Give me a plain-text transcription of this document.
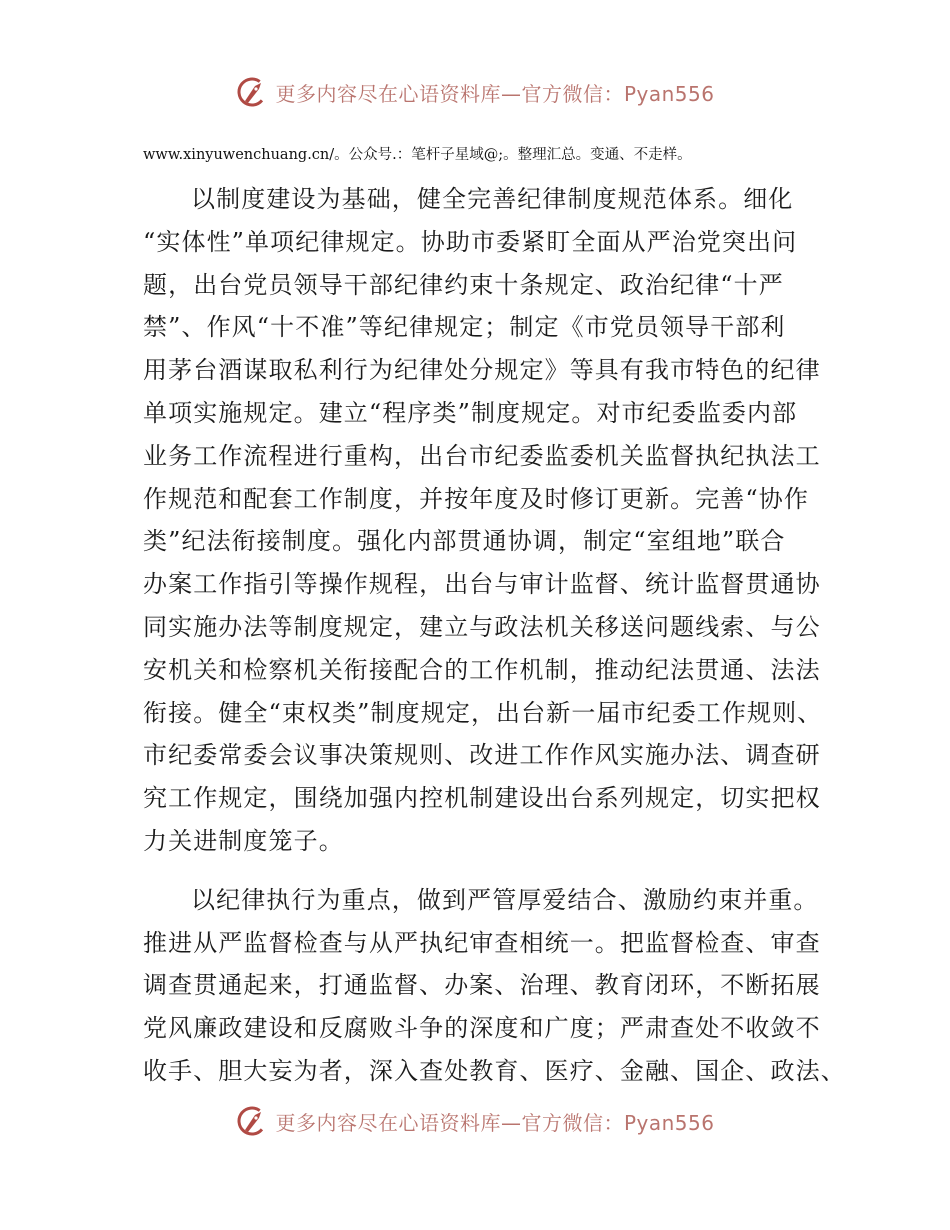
更多内容尽在心语资料库—官方微信：Pyan556
www.xinyuwenchuang.cn/。公众号.：笔杆子星域@;。整理汇总。变通、不走样。
以制度建设为基础，健全完善纪律制度规范体系。细化
“实体性”单项纪律规定。协助市委紧盯全面从严治党突出问
题，出台党员领导干部纪律约束十条规定、政治纪律“十严
禁”、作风“十不准”等纪律规定；制定《市党员领导干部利
用茅台酒谋取私利行为纪律处分规定》等具有我市特色的纪律
单项实施规定。建立“程序类”制度规定。对市纪委监委内部
业务工作流程进行重构，出台市纪委监委机关监督执纪执法工
作规范和配套工作制度，并按年度及时修订更新。完善“协作
类”纪法衔接制度。强化内部贯通协调，制定“室组地”联合
办案工作指引等操作规程，出台与审计监督、统计监督贯通协
同实施办法等制度规定，建立与政法机关移送问题线索、与公
安机关和检察机关衔接配合的工作机制，推动纪法贯通、法法
衔接。健全“束权类”制度规定，出台新一届市纪委工作规则、
市纪委常委会议事决策规则、改进工作作风实施办法、调查研
究工作规定，围绕加强内控机制建设出台系列规定，切实把权
力关进制度笼子。
以纪律执行为重点，做到严管厚爱结合、激励约束并重。
推进从严监督检查与从严执纪审查相统一。把监督检查、审查
调查贯通起来，打通监督、办案、治理、教育闭环，不断拓展
党风廉政建设和反腐败斗争的深度和广度；严肃查处不收敛不
收手、胆大妄为者，深入查处教育、医疗、金融、国企、政法、
更多内容尽在心语资料库—官方微信：Pyan556
